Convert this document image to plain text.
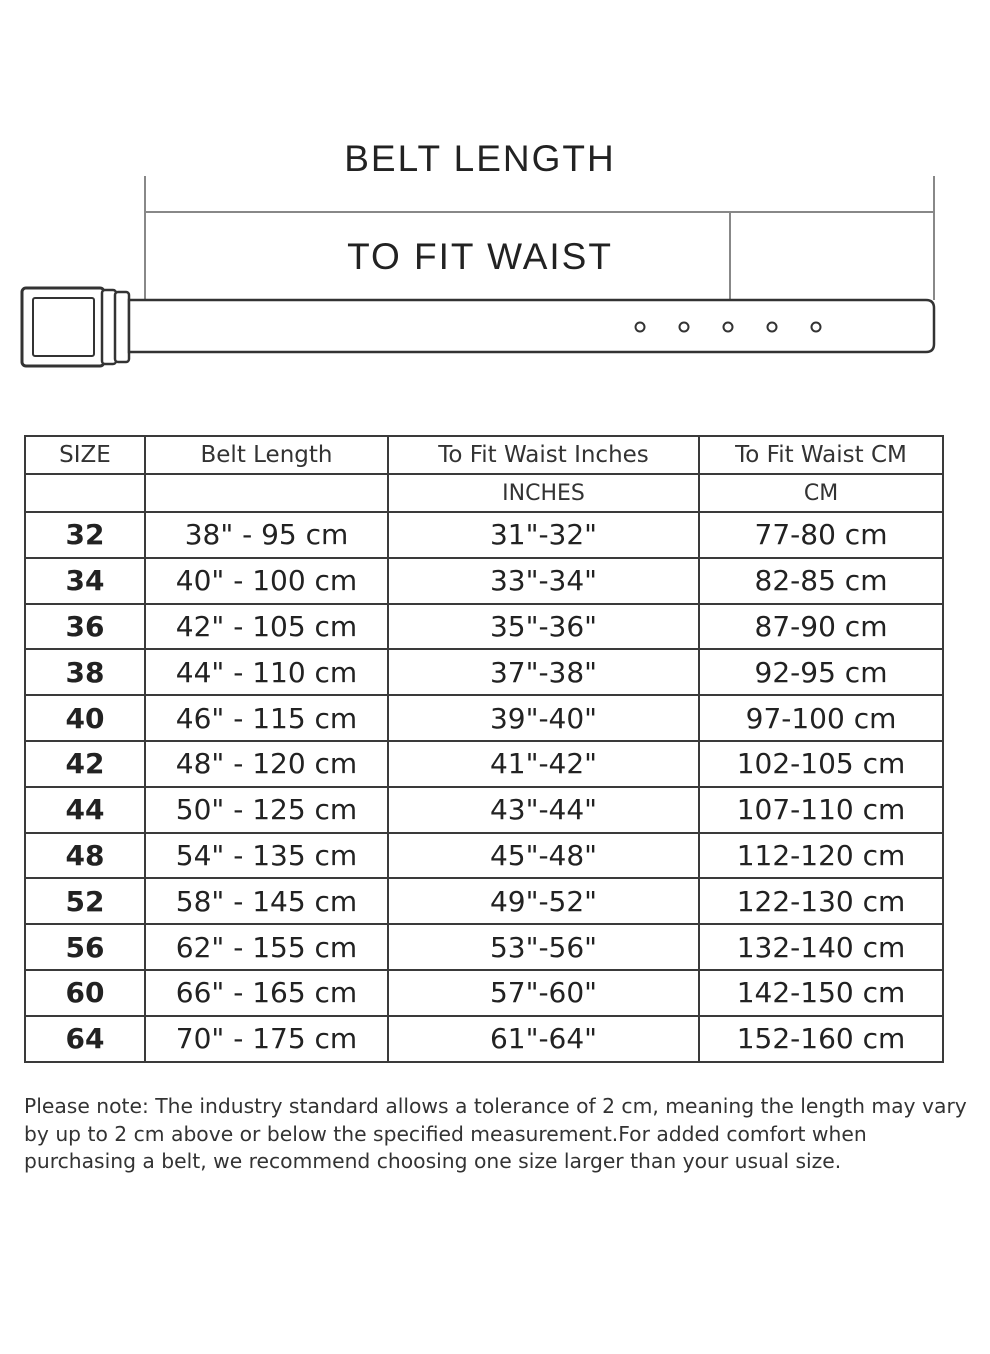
BELT LENGTH
TO FIT WAIST
SIZE	Belt Length	To Fit Waist Inches	To Fit Waist CM
		INCHES	CM
32	38" - 95 cm	31"-32"	77-80 cm
34	40" - 100 cm	33"-34"	82-85 cm
36	42" - 105 cm	35"-36"	87-90 cm
38	44" - 110 cm	37"-38"	92-95 cm
40	46" - 115 cm	39"-40"	97-100 cm
42	48" - 120 cm	41"-42"	102-105 cm
44	50" - 125 cm	43"-44"	107-110 cm
48	54" - 135 cm	45"-48"	112-120 cm
52	58" - 145 cm	49"-52"	122-130 cm
56	62" - 155 cm	53"-56"	132-140 cm
60	66" - 165 cm	57"-60"	142-150 cm
64	70" - 175 cm	61"-64"	152-160 cm
Please note: The industry standard allows a tolerance of 2 cm, meaning the length may vary by up to 2 cm above or below the specified measurement.For added comfort when purchasing a belt, we recommend choosing one size larger than your usual size.
